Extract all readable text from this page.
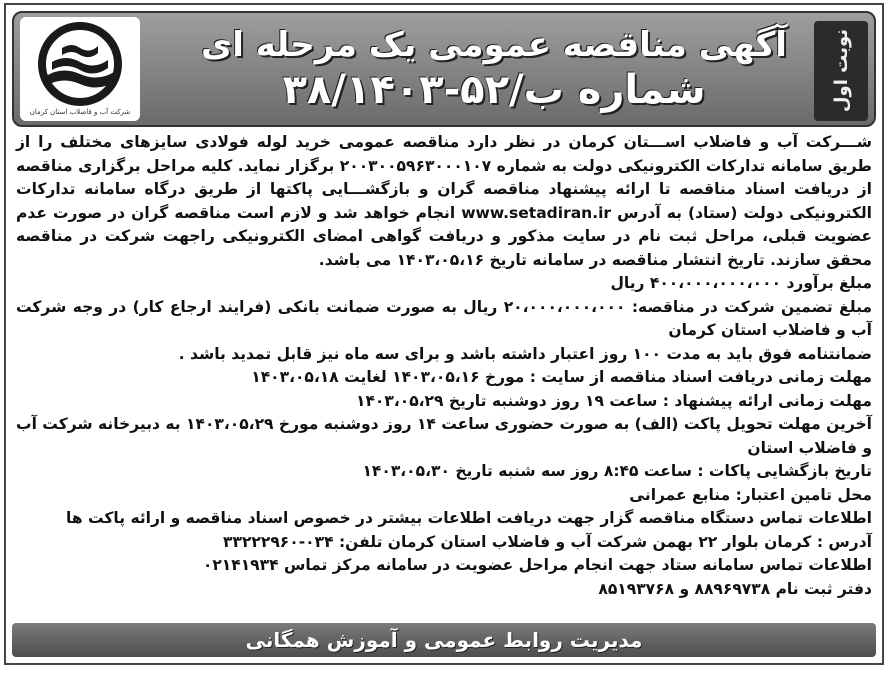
نوبت اول
آگهی مناقصه عمومی یک مرحله ای
شماره ب/۵۲-۳۸/۱۴۰۳
شرکت آب و فاضلاب استان کرمان

شـــرکت آب و فاضلاب اســـتان کرمان در نظر دارد مناقصه عمومی خرید لوله فولادی سایزهای مختلف را از طریق سامانه تدارکات الکترونیکی دولت به شماره ۲۰۰۳۰۰۵۹۶۳۰۰۰۱۰۷ برگزار نماید. کلیه مراحل برگزاری مناقصه از دریافت اسناد مناقصه تا ارائه پیشنهاد مناقصه گران و بازگشـــایی پاکتها از طریق درگاه سامانه تدارکات الکترونیکی دولت (ستاد) به آدرس www.setadiran.ir انجام خواهد شد و لازم است مناقصه گران در صورت عدم عضویت قبلی، مراحل ثبت نام در سایت مذکور و دریافت گواهی امضای الکترونیکی راجهت شرکت در مناقصه محقق سازند. تاریخ انتشار مناقصه در سامانه تاریخ ۱۴۰۳،۰۵،۱۶ می باشد.

مبلغ برآورد ۴۰۰،۰۰۰،۰۰۰،۰۰۰ ریال

مبلغ تضمین شرکت در مناقصه: ۲۰،۰۰۰،۰۰۰،۰۰۰ ریال به صورت ضمانت بانکی (فرایند ارجاع کار) در وجه شرکت آب و فاضلاب استان کرمان

ضمانتنامه فوق باید به مدت ۱۰۰ روز اعتبار داشته باشد و برای سه ماه نیز قابل تمدید باشد .

مهلت زمانی دریافت اسناد مناقصه از سایت : مورخ ۱۴۰۳،۰۵،۱۶ لغایت ۱۴۰۳،۰۵،۱۸

مهلت زمانی ارائه پیشنهاد : ساعت ۱۹ روز دوشنبه تاریخ ۱۴۰۳،۰۵،۲۹

آخرین مهلت تحویل پاکت (الف) به صورت حضوری ساعت ۱۴ روز دوشنبه مورخ ۱۴۰۳،۰۵،۲۹ به دبیرخانه شرکت آب و فاضلاب استان

تاریخ بازگشایی پاکات : ساعت ۸:۴۵ روز سه شنبه تاریخ ۱۴۰۳،۰۵،۳۰

محل تامین اعتبار: منابع عمرانی

اطلاعات تماس دستگاه مناقصه گزار جهت دریافت اطلاعات بیشتر در خصوص اسناد مناقصه و ارائه پاکت ها

آدرس : کرمان بلوار ۲۲ بهمن شرکت آب و فاضلاب استان کرمان تلفن: ۰۳۴-۳۳۲۲۲۹۶۰

اطلاعات تماس سامانه ستاد جهت انجام مراحل عضویت در سامانه مرکز تماس ۰۲۱۴۱۹۳۴

دفتر ثبت نام ۸۸۹۶۹۷۳۸ و ۸۵۱۹۳۷۶۸

مدیریت روابط عمومی و آموزش همگانی
